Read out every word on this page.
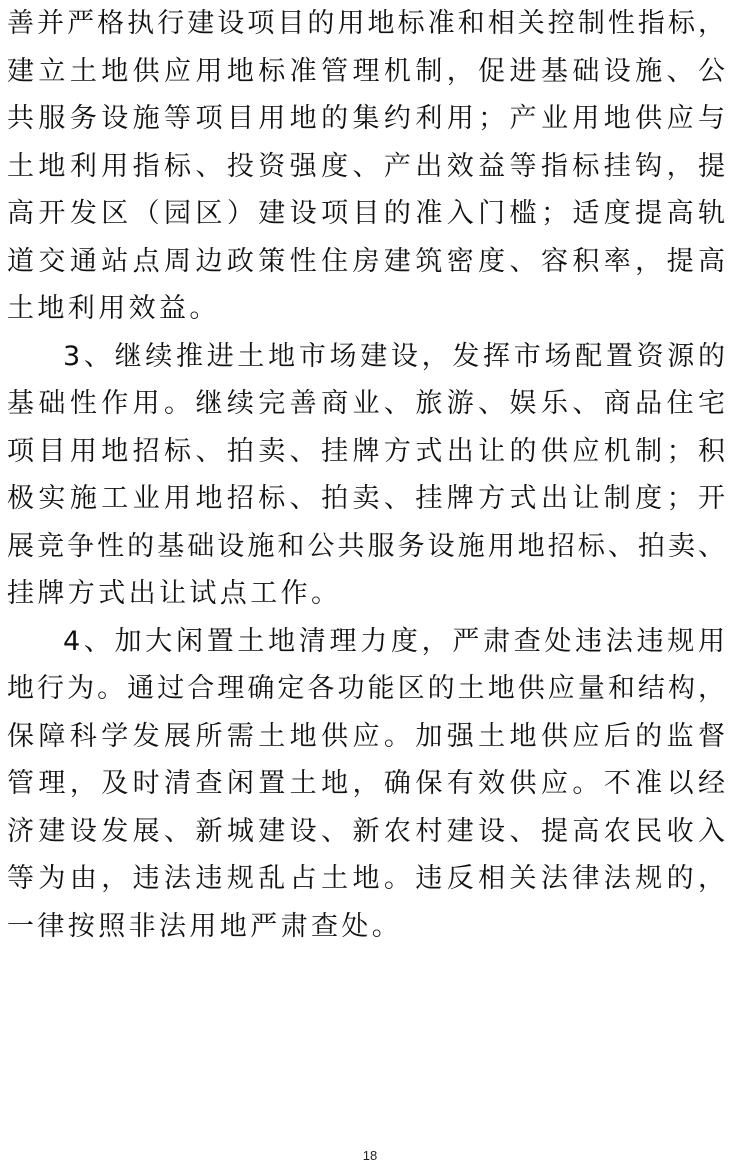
善并严格执行建设项目的用地标准和相关控制性指标，
建立土地供应用地标准管理机制，促进基础设施、公
共服务设施等项目用地的集约利用；产业用地供应与
土地利用指标、投资强度、产出效益等指标挂钩，提
高开发区（园区）建设项目的准入门槛；适度提高轨
道交通站点周边政策性住房建筑密度、容积率，提高
土地利用效益。
3、继续推进土地市场建设，发挥市场配置资源的
基础性作用。继续完善商业、旅游、娱乐、商品住宅
项目用地招标、拍卖、挂牌方式出让的供应机制；积
极实施工业用地招标、拍卖、挂牌方式出让制度；开
展竞争性的基础设施和公共服务设施用地招标、拍卖、
挂牌方式出让试点工作。
4、加大闲置土地清理力度，严肃查处违法违规用
地行为。通过合理确定各功能区的土地供应量和结构，
保障科学发展所需土地供应。加强土地供应后的监督
管理，及时清查闲置土地，确保有效供应。不准以经
济建设发展、新城建设、新农村建设、提高农民收入
等为由，违法违规乱占土地。违反相关法律法规的，
一律按照非法用地严肃查处。
18
